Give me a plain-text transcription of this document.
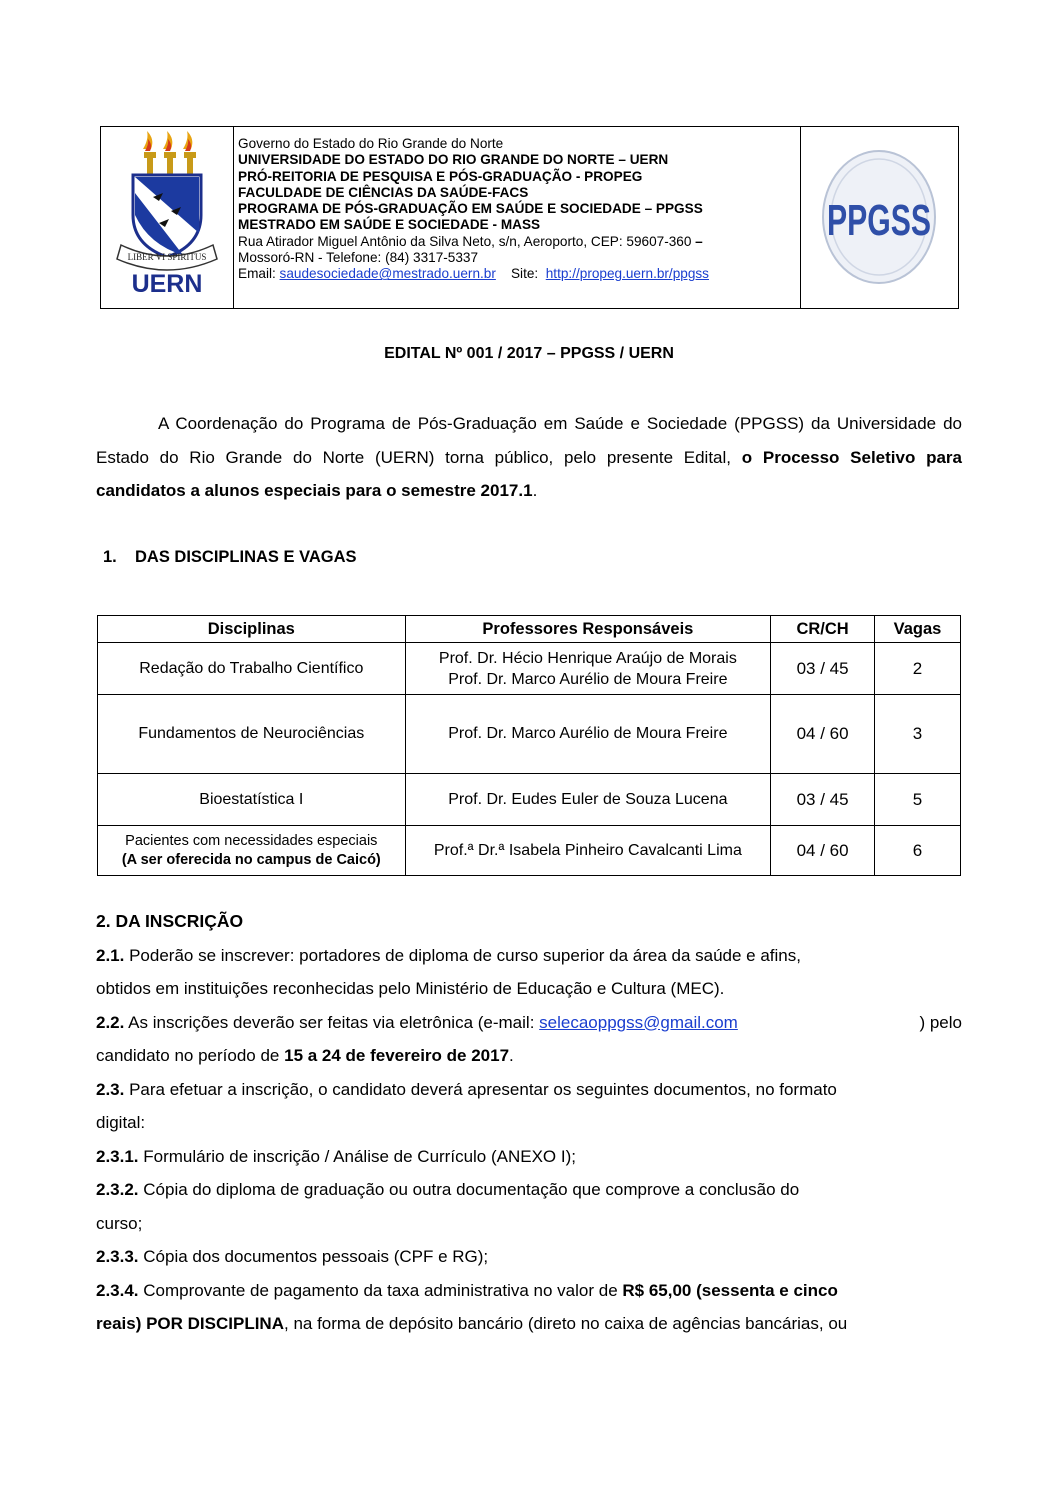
LIBER VI SPIRITUS
UERN
Governo do Estado do Rio Grande do Norte
UNIVERSIDADE DO ESTADO DO RIO GRANDE DO NORTE – UERN
PRÓ-REITORIA DE PESQUISA E PÓS-GRADUAÇÃO - PROPEG
FACULDADE DE CIÊNCIAS DA SAÚDE-FACS
PROGRAMA DE PÓS-GRADUAÇÃO EM SAÚDE E SOCIEDADE – PPGSS
MESTRADO EM SAÚDE E SOCIEDADE - MASS
Rua Atirador Miguel Antônio da Silva Neto, s/n, Aeroporto, CEP: 59607-360 –
Mossoró-RN - Telefone: (84) 3317-5337
Email: saudesociedade@mestrado.uern.br Site:  http://propeg.uern.br/ppgss
PPGSS
EDITAL Nº 001 / 2017 – PPGSS / UERN
A Coordenação do Programa de Pós-Graduação em Saúde e Sociedade (PPGSS) da Universidade do Estado do Rio Grande do Norte (UERN) torna público, pelo presente Edital, o Processo Seletivo para candidatos a alunos especiais para o semestre 2017.1.
1. DAS DISCIPLINAS E VAGAS
Disciplinas	Professores Responsáveis	CR/CH	Vagas
Redação do Trabalho Científico	Prof. Dr. Hécio Henrique Araújo de Morais
Prof. Dr. Marco Aurélio de Moura Freire	03 / 45	2
Fundamentos de Neurociências	Prof. Dr. Marco Aurélio de Moura Freire	04 / 60	3
Bioestatística I	Prof. Dr. Eudes Euler de Souza Lucena	03 / 45	5

Pacientes com necessidades especiais
(A ser oferecida no campus de Caicó)	Prof.ª Dr.ª Isabela Pinheiro Cavalcanti Lima	04 / 60	6
2. DA INSCRIÇÃO
2.1. Poderão se inscrever: portadores de diploma de curso superior da área da saúde e afins,
obtidos em instituições reconhecidas pelo Ministério de Educação e Cultura (MEC).
2.2. As inscrições deverão ser feitas via eletrônica (e-mail: selecaoppgss@gmail.com	) pelo
candidato no período de 15 a 24 de fevereiro de 2017.
2.3. Para efetuar a inscrição, o candidato deverá apresentar os seguintes documentos, no formato
digital:
2.3.1. Formulário de inscrição / Análise de Currículo (ANEXO I);
2.3.2. Cópia do diploma de graduação ou outra documentação que comprove a conclusão do
curso;
2.3.3. Cópia dos documentos pessoais (CPF e RG);
2.3.4. Comprovante de pagamento da taxa administrativa no valor de R$ 65,00 (sessenta e cinco
reais) POR DISCIPLINA, na forma de depósito bancário (direto no caixa de agências bancárias, ou
